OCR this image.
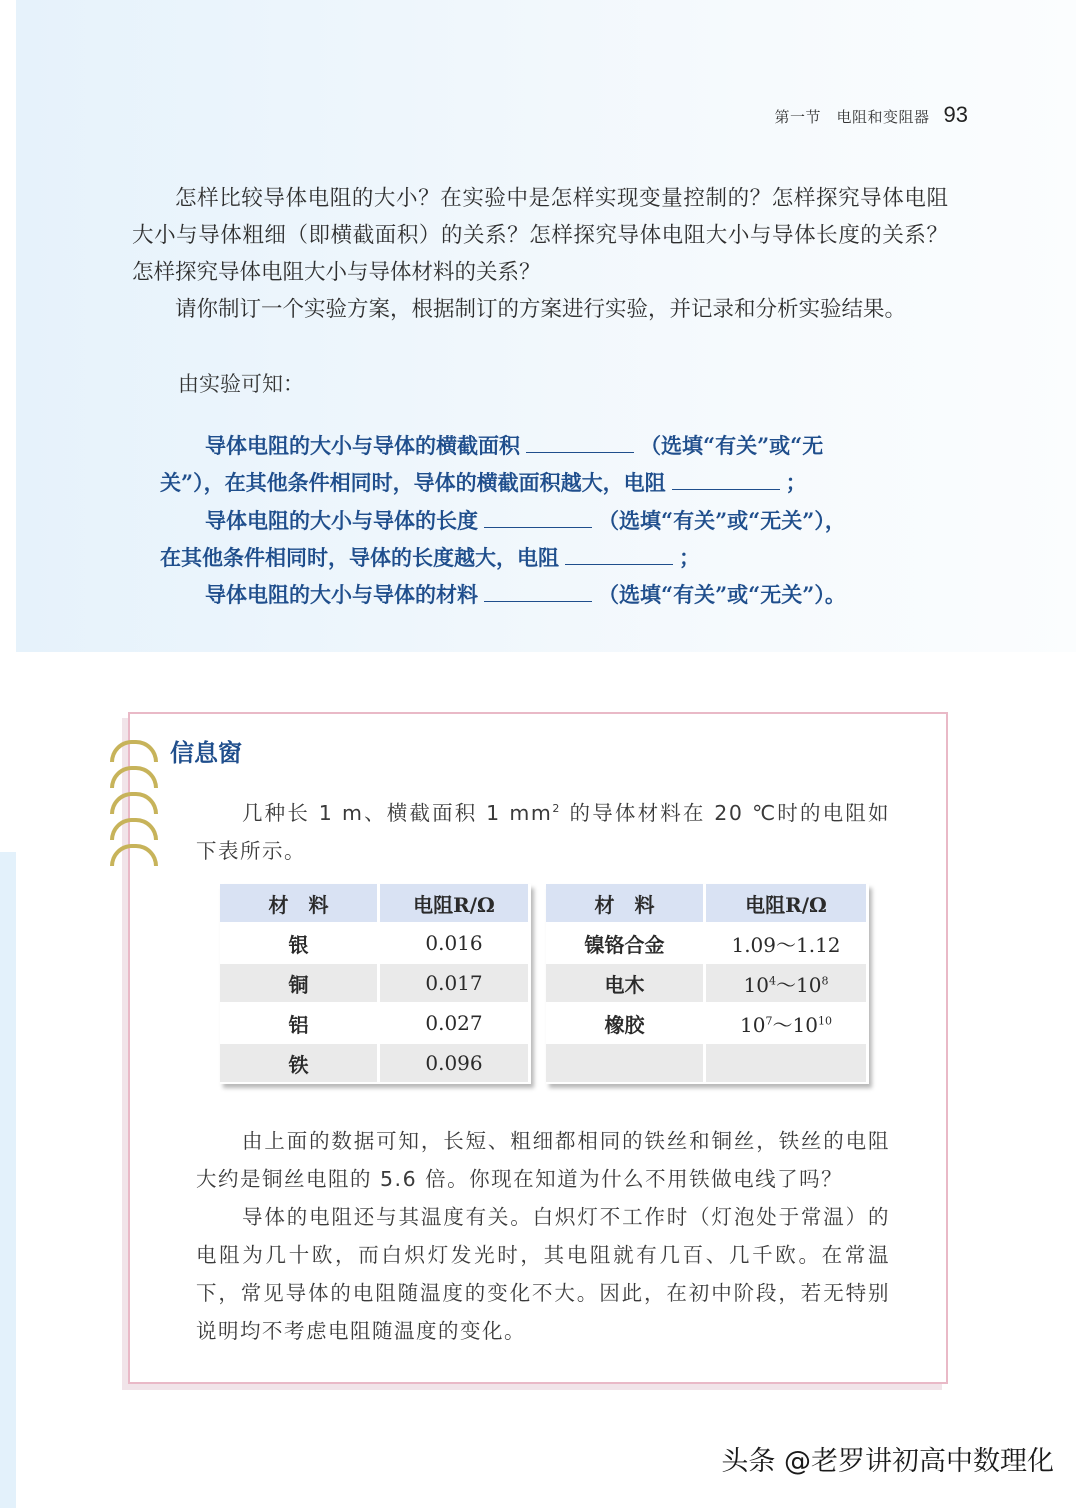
第一节　电阻和变阻器 93

怎样比较导体电阻的大小？在实验中是怎样实现变量控制的？怎样探究导体电阻大小与导体粗细（即横截面积）的关系？怎样探究导体电阻大小与导体长度的关系？怎样探究导体电阻大小与导体材料的关系？

请你制订一个实验方案，根据制订的方案进行实验，并记录和分析实验结果。

由实验可知：

导体电阻的大小与导体的横截面积	（选填“有关”或“无

关”），在其他条件相同时，导体的横截面积越大，电阻	；

导体电阻的大小与导体的长度	（选填“有关”或“无关”），

在其他条件相同时，导体的长度越大，电阻	；

导体电阻的大小与导体的材料	（选填“有关”或“无关”）。

信息窗

几种长 1 m、横截面积 1 $mm^2$ 的导体材料在 20 ℃时的电阻如下表所示。

材　料	电阻R/Ω
银	0.016
铜	0.017
铝	0.027
铁	0.096
材　料	电阻R/Ω
镍铬合金	1.09～1.12
电木	$10^4\sim 10^8$
橡胶	$10^7\sim 10^{10}$

由上面的数据可知，长短、粗细都相同的铁丝和铜丝，铁丝的电阻大约是铜丝电阻的 5.6 倍。你现在知道为什么不用铁做电线了吗？

导体的电阻还与其温度有关。白炽灯不工作时（灯泡处于常温）的电阻为几十欧，而白炽灯发光时，其电阻就有几百、几千欧。在常温下，常见导体的电阻随温度的变化不大。因此，在初中阶段，若无特别说明均不考虑电阻随温度的变化。

头条 @老罗讲初高中数理化
